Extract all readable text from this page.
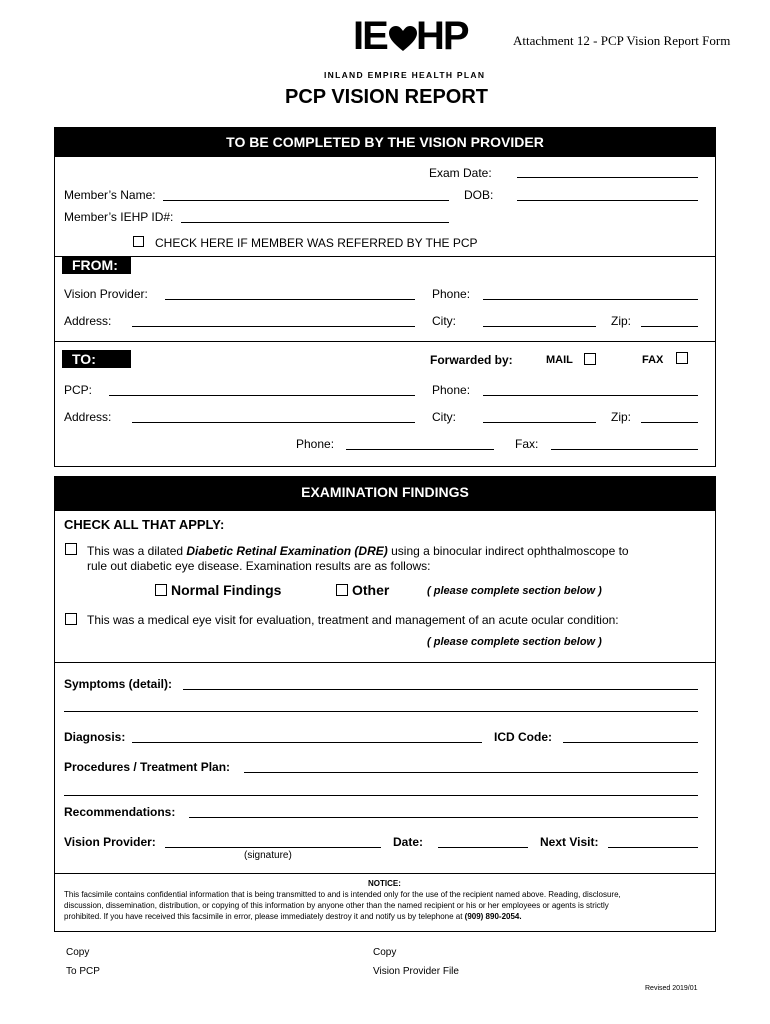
Attachment 12 - PCP Vision Report Form
IE HP
INLAND EMPIRE HEALTH PLAN
PCP VISION REPORT
TO BE COMPLETED BY THE VISION PROVIDER
Exam Date:
Member’s Name:	DOB:
Member’s IEHP ID#:
CHECK HERE IF MEMBER WAS REFERRED BY THE PCP
FROM:
Vision Provider:	Phone:
Address:	City:	Zip:
TO:	Forwarded by:	MAIL	FAX
PCP:	Phone:
Address:	City:	Zip:
Phone:	Fax:
EXAMINATION FINDINGS
CHECK ALL THAT APPLY:
This was a dilated Diabetic Retinal Examination (DRE) using a binocular indirect ophthalmoscope to
rule out diabetic eye disease. Examination results are as follows:
Normal Findings	Other	( please complete section below )
This was a medical eye visit for evaluation, treatment and management of an acute ocular condition:
( please complete section below )
Symptoms (detail):
Diagnosis:	ICD Code:
Procedures / Treatment Plan:
Recommendations:
Vision Provider:
(signature)
Date:	Next Visit:
NOTICE:
This facsimile contains confidential information that is being transmitted to and is intended only for the use of the recipient named above. Reading, disclosure,
discussion, dissemination, distribution, or copying of this information by anyone other than the named recipient or his or her employees or agents is strictly
prohibited. If you have received this facsimile in error, please immediately destroy it and notify us by telephone at (909) 890-2054.
Copy
To PCP
Copy
Vision Provider File
Revised 2019/01
